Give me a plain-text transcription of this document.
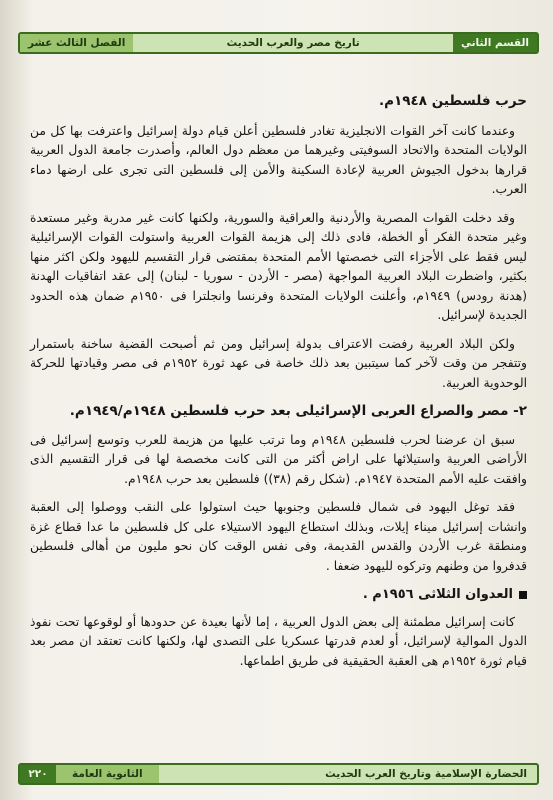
القسم الثاني
تاريخ مصر والعرب الحديث
الفصل الثالث عشر
حرب فلسطين ١٩٤٨م.

وعندما كانت آخر القوات الانجليزية تغادر فلسطين أعلن قيام دولة إسرائيل واعترفت بها كل من الولايات المتحدة والاتحاد السوفيتى وغيرهما من معظم دول العالم، وأصدرت جامعة الدول العربية قرارها بدخول الجيوش العربية لإعادة السكينة والأمن إلى فلسطين التى تجرى على ارضها دماء العرب.

وقد دخلت القوات المصرية والأردنية والعراقية والسورية، ولكنها كانت غير مدربة وغير مستعدة وغير متحدة الفكر أو الخطة، فادى ذلك إلى هزيمة القوات العربية واستولت القوات الإسرائيلية ليس فقط على الأجزاء التى خصصتها الأمم المتحدة بمقتضى قرار التقسيم لليهود ولكن اكثر منها بكثير، واضطرت البلاد العربية المواجهة (مصر - الأردن - سوريا - لبنان) إلى عقد اتفاقيات الهدنة (هدنة رودس) ١٩٤٩م، وأعلنت الولايات المتحدة وفرنسا وانجلترا فى ١٩٥٠م ضمان هذه الحدود الجديدة لإسرائيل.

ولكن البلاد العربية رفضت الاعتراف بدولة إسرائيل ومن ثم أصبحت القضية ساخنة باستمرار وتتفجر من وقت لآخر كما سيتبين بعد ذلك خاصة فى عهد ثورة ١٩٥٢م فى مصر وقيادتها للحركة الوحدوية العربية.

٢- مصر والصراع العربى الإسرائيلى بعد حرب فلسطين ١٩٤٨م/١٩٤٩م.

سبق ان عرضنا لحرب فلسطين ١٩٤٨م وما ترتب عليها من هزيمة للعرب وتوسع إسرائيل فى الأراضى العربية واستيلائها على اراض أكثر من التى كانت مخصصة لها فى قرار التقسيم الذى وافقت عليه الأمم المتحدة ١٩٤٧م. (شكل رقم (٣٨)) فلسطين بعد حرب ١٩٤٨م.

فقد توغل اليهود فى شمال فلسطين وجنوبها حيث استولوا على النقب ووصلوا إلى العقبة وانشات إسرائيل ميناء إيلات، وبذلك استطاع اليهود الاستيلاء على كل فلسطين ما عدا قطاع غزة ومنطقة غرب الأردن والقدس القديمة، وفى نفس الوقت كان نحو مليون من أهالى فلسطين قدفروا من وطنهم وتركوه لليهود ضعفا .

العدوان الثلاثى ١٩٥٦م .

كانت إسرائيل مطمئنة إلى بعض الدول العربية ، إما لأنها بعيدة عن حدودها أو لوقوعها تحت نفوذ الدول الموالية لإسرائيل، أو لعدم قدرتها عسكريا على التصدى لها، ولكنها كانت تعتقد ان مصر بعد قيام ثورة ١٩٥٢م هى العقبة الحقيقية فى طريق اطماعها.

الحضارة الإسلامية وتاريخ العرب الحديث
الثانوية العامة
٢٢٠
